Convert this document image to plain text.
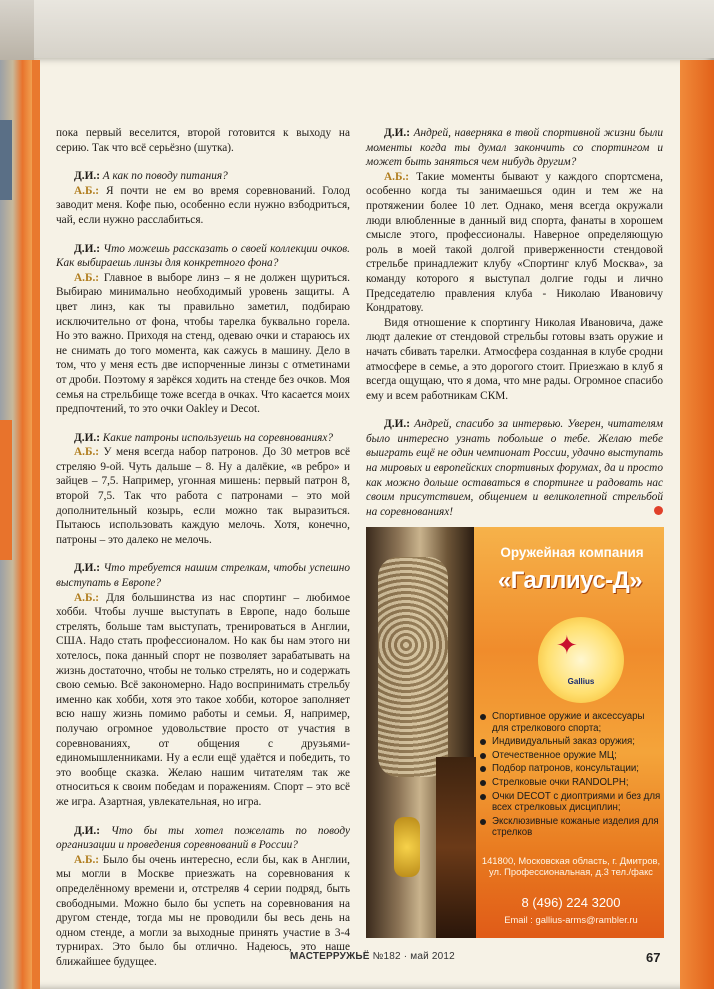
пока первый веселится, второй готовится к выходу на серию. Так что всё серьёзно (шутка).

Д.И.: А как по поводу питания?

А.Б.: Я почти не ем во время соревнований. Голод заводит меня. Кофе пью, особенно если нужно взбодриться, чай, если нужно расслабиться.

Д.И.: Что можешь рассказать о своей коллекции очков. Как выбираешь линзы для конкретного фона?

А.Б.: Главное в выборе линз – я не должен щуриться. Выбираю минимально необходимый уровень защиты. А цвет линз, как ты правильно заметил, подбираю исключительно от фона, чтобы тарелка буквально горела. Но это важно. Приходя на стенд, одеваю очки и стараюсь их не снимать до того момента, как сажусь в машину. Дело в том, что у меня есть две испорченные линзы с отметинами от дроби. Поэтому я зарёкся ходить на стенде без очков. Моя семья на стрельбище тоже всегда в очках. Что касается моих предпочтений, то это очки Oakley и Decot.

Д.И.: Какие патроны используешь на соревнованиях?

А.Б.: У меня всегда набор патронов. До 30 метров всё стреляю 9-ой. Чуть дальше – 8. Ну а далёкие, «в ребро» и зайцев – 7,5. Например, угонная мишень: первый патрон 8, второй 7,5. Так что работа с патронами – это мой дополнительный козырь, если можно так выразиться. Пытаюсь использовать каждую мелочь. Хотя, конечно, патроны – это далеко не мелочь.

Д.И.: Что требуется нашим стрелкам, чтобы успешно выступать в Европе?

А.Б.: Для большинства из нас спортинг – любимое хобби. Чтобы лучше выступать в Европе, надо больше стрелять, больше там выступать, тренироваться в Англии, США. Надо стать профессионалом. Но как бы нам этого ни хотелось, пока данный спорт не позволяет зарабатывать на жизнь достаточно, чтобы не только стрелять, но и содержать свою семью. Всё закономерно. Надо воспринимать стрельбу именно как хобби, хотя это такое хобби, которое заполняет всю нашу жизнь помимо работы и семьи. Я, например, получаю огромное удовольствие просто от участия в соревнованиях, от общения с друзьями-единомышленниками. Ну а если ещё удаётся и победить, то это вообще сказка. Желаю нашим читателям так же относиться к своим победам и поражениям. Спорт – это всё же игра. Азартная, увлекательная, но игра.

Д.И.: Что бы ты хотел пожелать по поводу организации и проведения соревнований в России?

А.Б.: Было бы очень интересно, если бы, как в Англии, мы могли в Москве приезжать на соревнования к определённому времени и, отстреляв 4 серии подряд, быть свободными. Можно было бы успеть на соревнования на другом стенде, тогда мы не проводили бы весь день на одном стенде, а могли за выходные принять участие в 3-4 турнирах. Это было бы отлично. Надеюсь, это наше ближайшее будущее.

Д.И.: Андрей, наверняка в твой спортивной жизни были моменты когда ты думал закончить со спортингом и может быть заняться чем нибудь другим?

А.Б.: Такие моменты бывают у каждого спортсмена, особенно когда ты занимаешься один и тем же на протяжении более 10 лет. Однако, меня всегда окружали люди влюбленные в данный вид спорта, фанаты в хорошем смысле этого, профессионалы. Наверное определяющую роль в моей такой долгой приверженности стендовой стрельбе принадлежит клубу «Спортинг клуб Москва», за команду которого я выступал долгие годы и лично Председателю правления клуба - Николаю Ивановичу Кондратову.

Видя отношение к спортингу Николая Ивановича, даже людт далекие от стендовой стрельбы готовы взать оружие и начать сбивать тарелки. Атмосфера созданная в клубе сродни атмосфере в семье, а это дорогого стоит. Приезжаю в клуб я всегда ощущаю, что я дома, что мне рады. Огромное спасибо ему и всем работникам СКМ.

Д.И.: Андрей, спасибо за интервью. Уверен, читателям было интересно узнать побольше о тебе. Желаю тебе выиграть ещё не один чемпионат России, удачно выступать на мировых и европейских спортивных форумах, да и просто как можно дольше оставаться в спортинге и радовать нас своим присутствием, общением и великолепной стрельбой на соревнованиях!

Оружейная компания
«Галлиус-Д»
✦
Gallius
Спортивное оружие и аксессуары для стрелкового спорта;
Индивидуальный заказ оружия;
Отечественное оружие МЦ;
Подбор патронов, консультации;
Стрелковые очки RANDOLPH;
Очки DECOT с диоптриями и без для всех стрелковых дисциплин;
Эксклюзивные кожаные изделия для стрелков
141800, Московская область, г. Дмитров, ул. Профессиональная, д.3 тел./факс
8 (496) 224 3200
Email : gallius-arms@rambler.ru
МАСТЕРРУЖЬЁ №182 · май 2012	67
